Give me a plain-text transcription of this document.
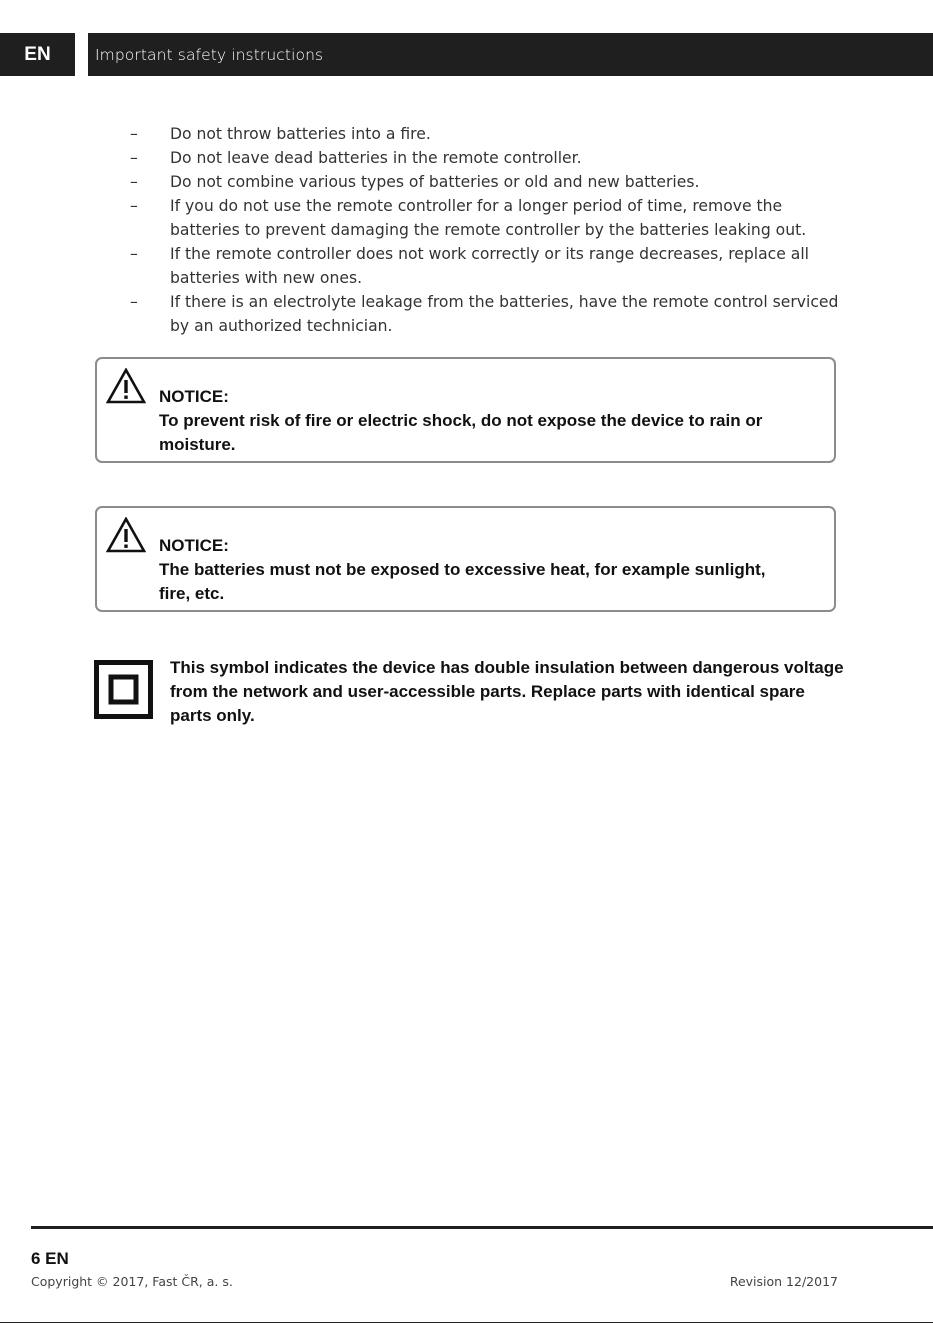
EN	Important safety instructions
– Do not throw batteries into a fire.
– Do not leave dead batteries in the remote controller.
– Do not combine various types of batteries or old and new batteries.
– If you do not use the remote controller for a longer period of time, remove the batteries to prevent damaging the remote controller by the batteries leaking out.
– If the remote controller does not work correctly or its range decreases, replace all batteries with new ones.
– If there is an electrolyte leakage from the batteries, have the remote control serviced by an authorized technician.
NOTICE:
To prevent risk of fire or electric shock, do not expose the device to rain or moisture.
NOTICE:
The batteries must not be exposed to excessive heat, for example sunlight, fire, etc.
This symbol indicates the device has double insulation between dangerous voltage from the network and user-accessible parts. Replace parts with identical spare parts only.
6 EN
Copyright © 2017, Fast ČR, a. s.	Revision 12/2017
